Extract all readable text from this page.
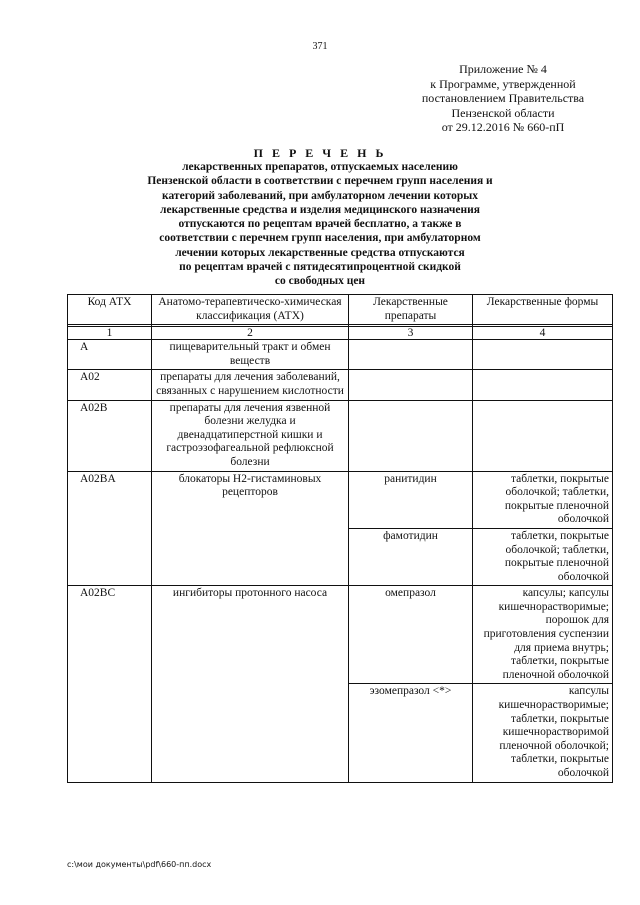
371
Приложение № 4
к Программе, утвержденной
постановлением Правительства
Пензенской области
от 29.12.2016 № 660-пП
П Е Р Е Ч Е Н Ь
лекарственных препаратов, отпускаемых населению
Пензенской области в соответствии с перечнем групп населения и
категорий заболеваний, при амбулаторном лечении которых
лекарственные средства и изделия медицинского назначения
отпускаются по рецептам врачей бесплатно, а также в
соответствии с перечнем групп населения, при амбулаторном
лечении которых лекарственные средства отпускаются
по рецептам врачей с пятидесятипроцентной скидкой
со свободных цен
Код АТХ	Анатомо-терапевтическо-химическая классификация (АТХ)	Лекарственные препараты	Лекарственные формы

1	2	3	4
A	пищеварительный тракт и обмен веществ		
A02	препараты для лечения заболеваний, связанных с нарушением кислотности		
A02B	препараты для лечения язвенной болезни желудка и двенадцатиперстной кишки и гастроэзофагеальной рефлюксной болезни		
A02BA	блокаторы H2-гистаминовых рецепторов	ранитидин	таблетки, покрытые оболочкой; таблетки, покрытые пленочной оболочкой
		фамотидин	таблетки, покрытые оболочкой; таблетки, покрытые пленочной оболочкой
A02BC	ингибиторы протонного насоса	омепразол	капсулы; капсулы кишечнорастворимые; порошок для приготовления суспензии для приема внутрь; таблетки, покрытые пленочной оболочкой
		эзомепразол <*>	капсулы кишечнорастворимые; таблетки, покрытые кишечнорастворимой пленочной оболочкой; таблетки, покрытые оболочкой
c:\мои документы\pdf\660-пп.docx
